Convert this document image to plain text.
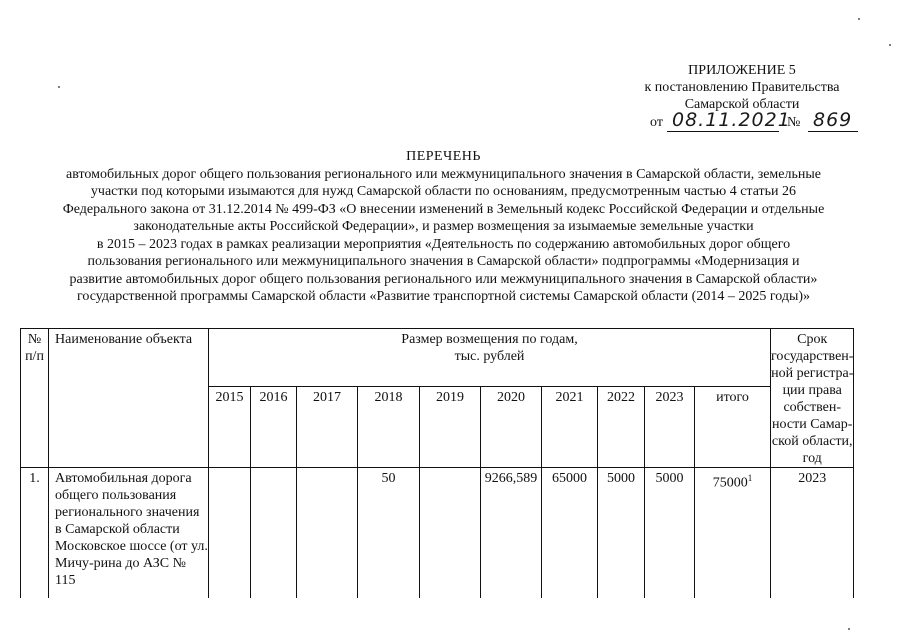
ПРИЛОЖЕНИЕ 5
к постановлению Правительства
Самарской области
от 08.11.2021
№ 869
ПЕРЕЧЕНЬ
автомобильных дорог общего пользования регионального или межмуниципального значения в Самарской области, земельные
участки под которыми изымаются для нужд Самарской области по основаниям, предусмотренным частью 4 статьи 26
Федерального закона от 31.12.2014 № 499-ФЗ «О внесении изменений в Земельный кодекс Российской Федерации и отдельные
законодательные акты Российской Федерации», и размер возмещения за изымаемые земельные участки
в 2015 – 2023 годах в рамках реализации мероприятия «Деятельность по содержанию автомобильных дорог общего
пользования регионального или межмуниципального значения в Самарской области» подпрограммы «Модернизация и
развитие автомобильных дорог общего пользования регионального или межмуниципального значения в Самарской области»
государственной программы Самарской области «Развитие транспортной системы Самарской области (2014 – 2025 годы)»
№ п/п	Наименование объекта	Размер возмещения по годам,
тыс. рублей										Срок государствен-ной регистра-ции права собствен-ности Самар-ской области, год
		2015	2016	2017	2018	2019	2020	2021	2022	2023	итого	
1.	Автомобильная дорога общего пользования регионального значения в Самарской области Московское шоссе (от ул. Мичу-рина до АЗС № 115				50		9266,589	65000	5000	5000	75000$^1$	2023
